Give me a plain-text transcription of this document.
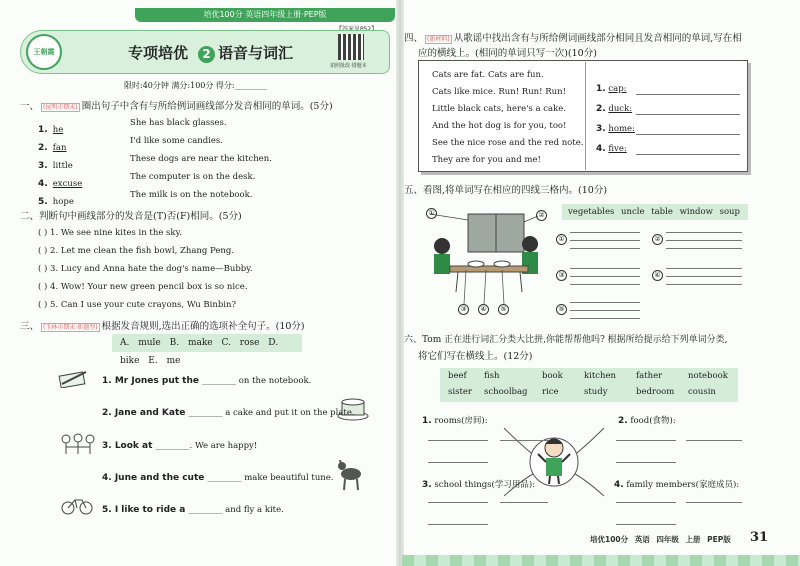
培优100分 英语四年级上册·PEP版
王朝霞	专项培优 2 语音与词汇
拍照批改·错题本
限时:40分钟 满分:100分 得分:________
一、 (昆明市期末) 圈出句子中含有与所给例词画线部分发音相同的单词。(5分)
1. he
She has black glasses.
2. fan
I'd like some candies.
3. little
These dogs are near the kitchen.
4. excuse
The computer is on the desk.
5. hope
The milk is on the notebook.
二、判断句中画线部分的发音是(T)否(F)相同。(5分)
( ) 1. We see nine kites in the sky.
( ) 2. Let me clean the fish bowl, Zhang Peng.
( ) 3. Lucy and Anna hate the dog's name—Bubby.
( ) 4. Wow! Your new green pencil box is so nice.
( ) 5. Can I use your cute crayons, Wu Binbin?
三、 (玉林市期末·新题型) 根据发音规则,选出正确的选项补全句子。(10分)
A. mule B. make C. rose D. bike E. me
1. Mr Jones put the ________ on the notebook.
2. Jane and Kate ________ a cake and put it on the plate.
3. Look at ________. We are happy!
4. June and the cute ________ make beautiful tune.
5. I like to ride a ________ and fly a kite.
四、 (新材料) 从歌谣中找出含有与所给例词画线部分相同且发音相同的单词,写在相
应的横线上。(相同的单词只写一次)(10分)
Cats are fat. Cats are fun.
Cats like mice. Run! Run! Run!
Little black cats, here's a cake.
And the hot dog is for you, too!
See the nice rose and the red note.
They are for you and me!
1. cap:
2. duck:
3. home:
4. five:
五、看图,将单词写在相应的四线三格内。(10分)
①	②
③	④	⑤
vegetables uncle table window soup
①	②
③	④
⑤
六、Tom 正在进行词汇分类大比拼,你能帮帮他吗? 根据所给提示给下列单词分类,
将它们写在横线上。(12分)
beef fish	book kitchen father	notebook
sister schoolbag rice	study	bedroom cousin
1. rooms(房间):	2. food(食物):
3. school things(学习用品):	4. family members(家庭成员):
培优100分 英语 四年级 上册 PEP版 31
